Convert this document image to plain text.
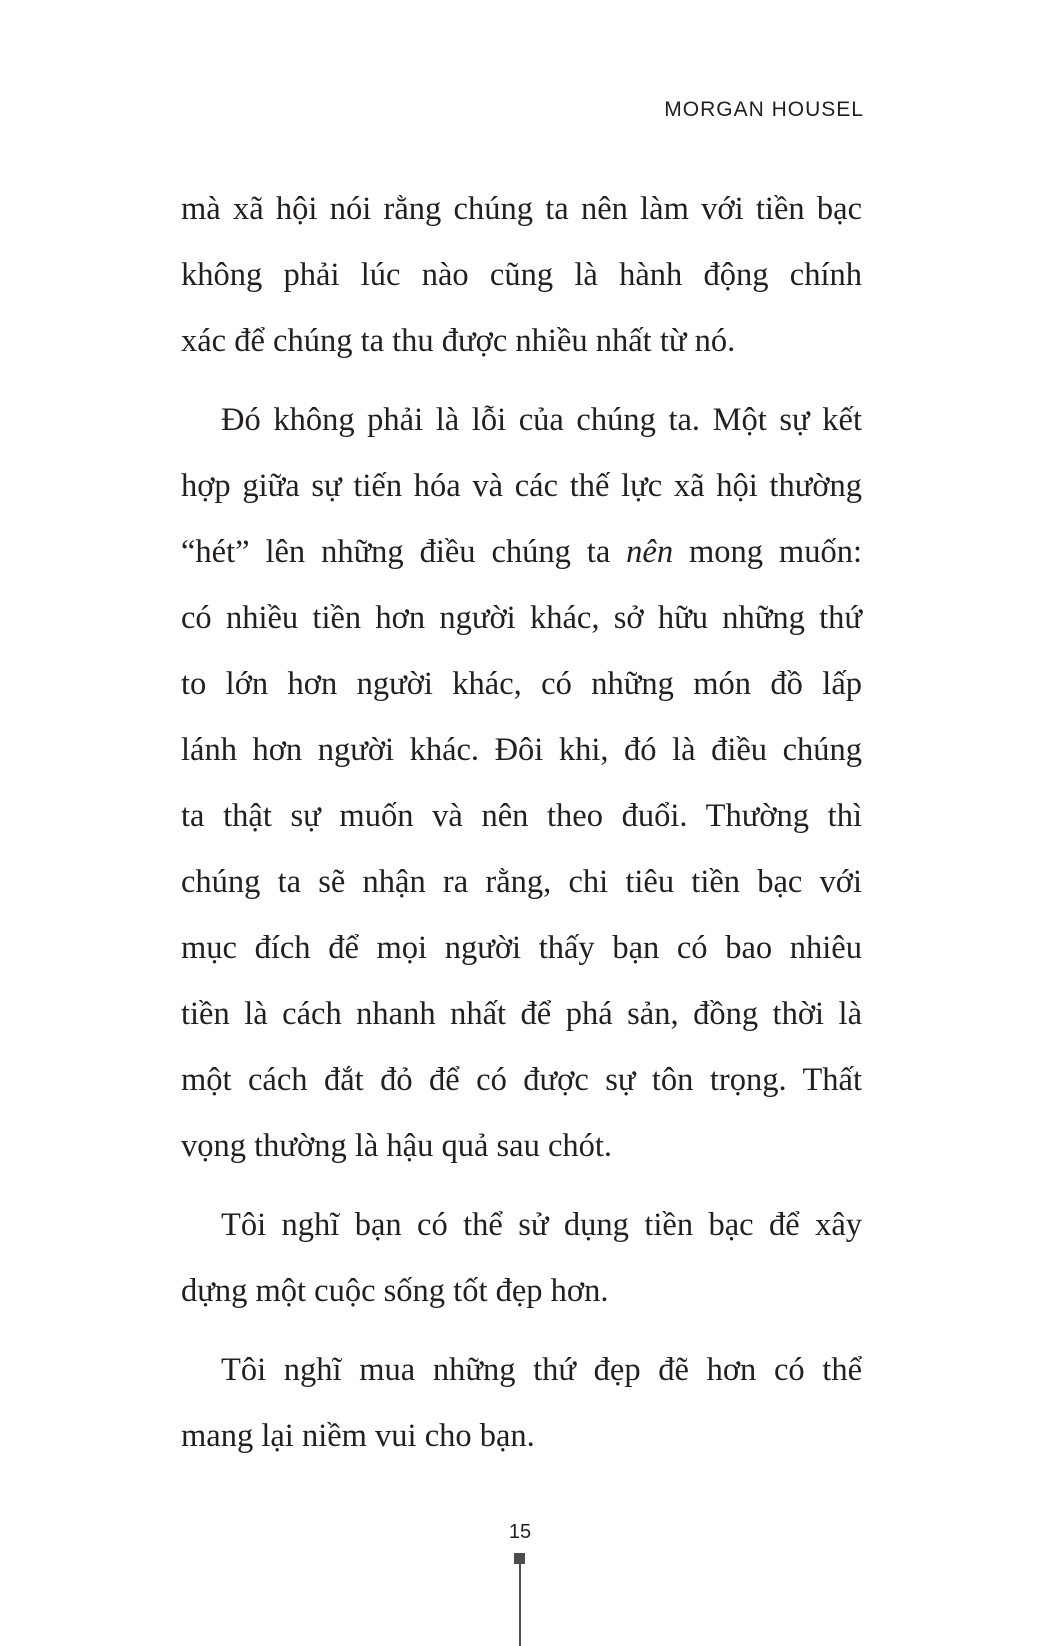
MORGAN HOUSEL

mà xã hội nói rằng chúng ta nên làm với tiền bạc
không phải lúc nào cũng là hành động chính
xác để chúng ta thu được nhiều nhất từ nó.

Đó không phải là lỗi của chúng ta. Một sự kết
hợp giữa sự tiến hóa và các thế lực xã hội thường
“hét” lên những điều chúng ta nên mong muốn:
có nhiều tiền hơn người khác, sở hữu những thứ
to lớn hơn người khác, có những món đồ lấp
lánh hơn người khác. Đôi khi, đó là điều chúng
ta thật sự muốn và nên theo đuổi. Thường thì
chúng ta sẽ nhận ra rằng, chi tiêu tiền bạc với
mục đích để mọi người thấy bạn có bao nhiêu
tiền là cách nhanh nhất để phá sản, đồng thời là
một cách đắt đỏ để có được sự tôn trọng. Thất
vọng thường là hậu quả sau chót.

Tôi nghĩ bạn có thể sử dụng tiền bạc để xây
dựng một cuộc sống tốt đẹp hơn.

Tôi nghĩ mua những thứ đẹp đẽ hơn có thể
mang lại niềm vui cho bạn.

15
